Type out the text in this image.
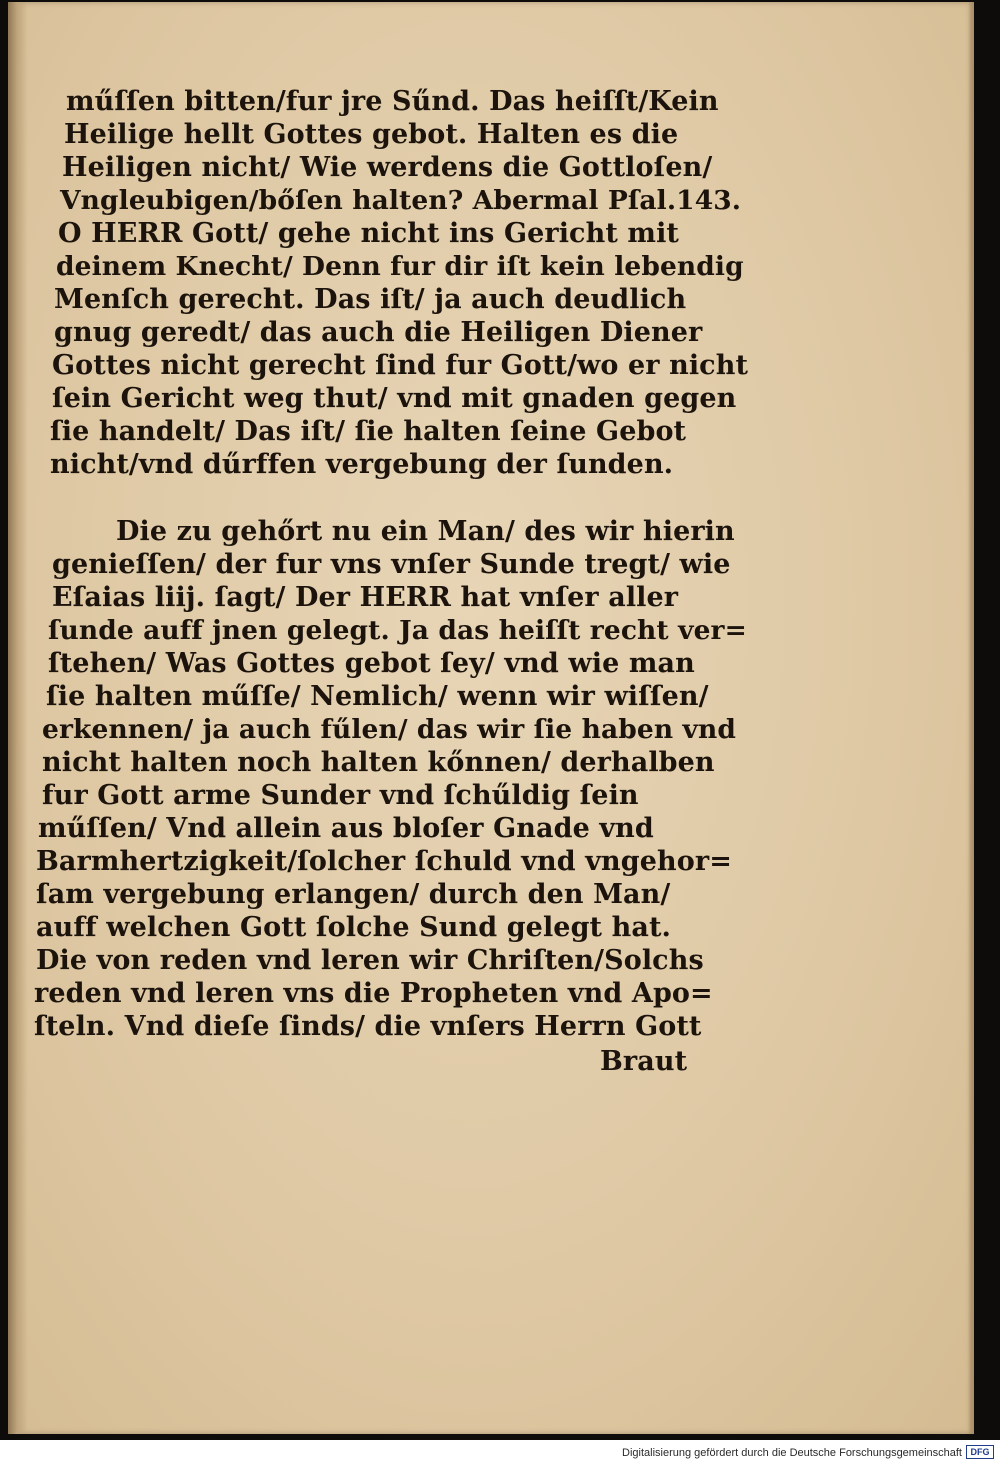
műſſen bitten/fur jre Sűnd. Das heiſſt/Kein
Heilige hellt Gottes gebot. Halten es die
Heiligen nicht/ Wie werdens die Gottloſen/
Vngleubigen/bőſen halten? Abermal Pſal.143.
O HERR Gott/ gehe nicht ins Gericht mit
deinem Knecht/ Denn fur dir iſt kein lebendig
Menſch gerecht. Das iſt/ ja auch deudlich
gnug geredt/ das auch die Heiligen Diener
Gottes nicht gerecht ſind fur Gott/wo er nicht
ſein Gericht weg thut/ vnd mit gnaden gegen
ſie handelt/ Das iſt/ ſie halten ſeine Gebot
nicht/vnd dűrffen vergebung der ſunden.
Die zu gehőrt nu ein Man/ des wir hierin
genieſſen/ der fur vns vnſer Sunde tregt/ wie
Eſaias liij. ſagt/ Der HERR hat vnſer aller
ſunde auff jnen gelegt. Ja das heiſſt recht ver=
ſtehen/ Was Gottes gebot ſey/ vnd wie man
ſie halten műſſe/ Nemlich/ wenn wir wiſſen/
erkennen/ ja auch fűlen/ das wir ſie haben vnd
nicht halten noch halten kőnnen/ derhalben
fur Gott arme Sunder vnd ſchűldig ſein
műſſen/ Vnd allein aus bloſer Gnade vnd
Barmhertzigkeit/ſolcher ſchuld vnd vngehor=
ſam vergebung erlangen/ durch den Man/
auff welchen Gott ſolche Sund gelegt hat.
Die von reden vnd leren wir Chriſten/Solchs
reden vnd leren vns die Propheten vnd Apo=
ſteln. Vnd dieſe ſinds/ die vnſers Herrn Gott
Braut
Digitalisierung gefördert durch die Deutsche Forschungsgemeinschaft DFG
